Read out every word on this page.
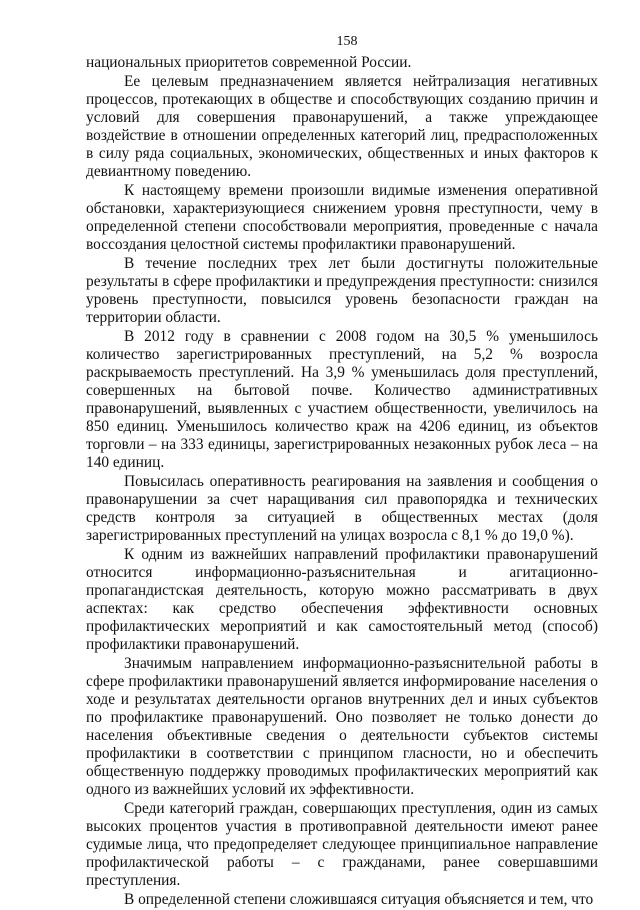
158

национальных приоритетов современной России.

Ее целевым предназначением является нейтрализация негативных процессов, протекающих в обществе и способствующих созданию причин и условий для совершения правонарушений, а также упреждающее воздействие в отношении определенных категорий лиц, предрасположенных в силу ряда социальных, экономических, общественных и иных факторов к девиантному поведению.

К настоящему времени произошли видимые изменения оперативной обстановки, характеризующиеся снижением уровня преступности, чему в определенной степени способствовали мероприятия, проведенные с начала воссоздания целостной системы профилактики правонарушений.

В течение последних трех лет были достигнуты положительные результаты в сфере профилактики и предупреждения преступности: снизился уровень преступности, повысился уровень безопасности граждан на территории области.

В 2012 году в сравнении с 2008 годом на 30,5 % уменьшилось количество зарегистрированных преступлений, на 5,2 % возросла раскрываемость преступлений. На 3,9 % уменьшилась доля преступлений, совершенных на бытовой почве. Количество административных правонарушений, выявленных с участием общественности, увеличилось на 850 единиц. Уменьшилось количество краж на 4206 единиц, из объектов торговли – на 333 единицы, зарегистрированных незаконных рубок леса – на 140 единиц.

Повысилась оперативность реагирования на заявления и сообщения о правонарушении за счет наращивания сил правопорядка и технических средств контроля за ситуацией в общественных местах (доля зарегистрированных преступлений на улицах возросла с 8,1 % до 19,0 %).

К одним из важнейших направлений профилактики правонарушений относится информационно-разъяснительная и агитационно-пропагандистская деятельность, которую можно рассматривать в двух аспектах: как средство обеспечения эффективности основных профилактических мероприятий и как самостоятельный метод (способ) профилактики правонарушений.

Значимым направлением информационно-разъяснительной работы в сфере профилактики правонарушений является информирование населения о ходе и результатах деятельности органов внутренних дел и иных субъектов по профилактике правонарушений. Оно позволяет не только донести до населения объективные сведения о деятельности субъектов системы профилактики в соответствии с принципом гласности, но и обеспечить общественную поддержку проводимых профилактических мероприятий как одного из важнейших условий их эффективности.

Среди категорий граждан, совершающих преступления, один из самых высоких процентов участия в противоправной деятельности имеют ранее судимые лица, что предопределяет следующее принципиальное направление профилактической работы – с гражданами, ранее совершавшими преступления.

В определенной степени сложившаяся ситуация объясняется и тем, что
